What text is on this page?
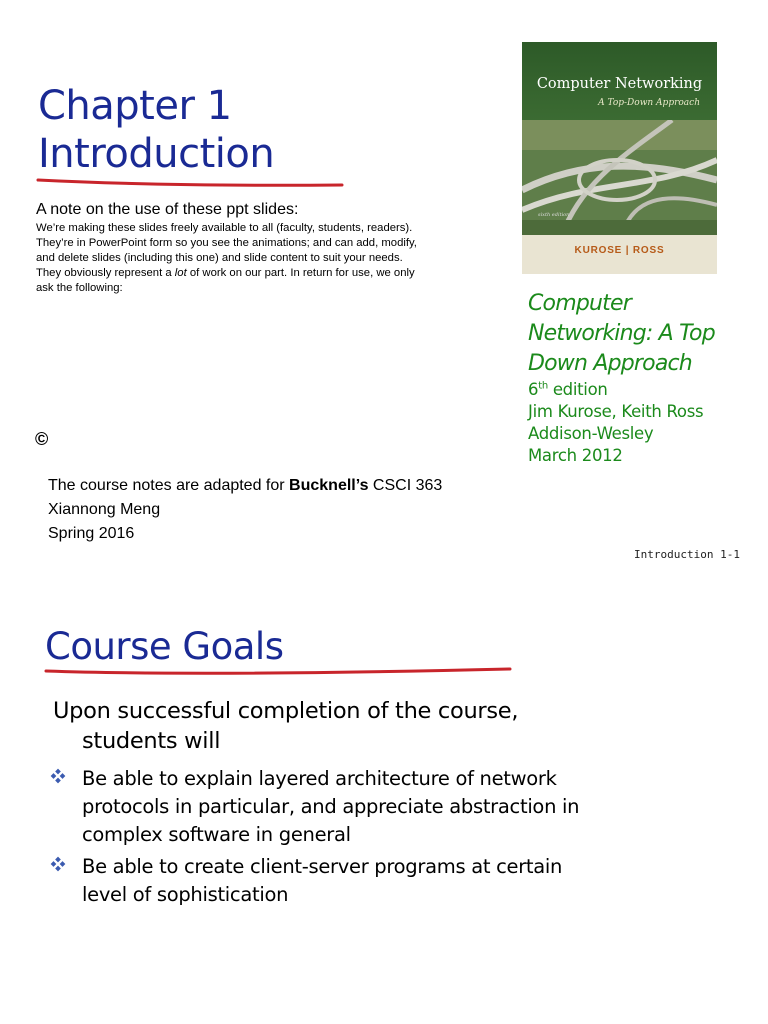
Chapter 1
Introduction
A note on the use of these ppt slides:
We’re making these slides freely available to all (faculty, students, readers).
They’re in PowerPoint form so you see the animations; and can add, modify,
and delete slides (including this one) and slide content to suit your needs.
They obviously represent a lot of work on our part. In return for use, we only
ask the following:
©
The course notes are adapted for Bucknell’s CSCI 363
Xiannong Meng
Spring 2016
Computer Networking
A Top-Down Approach
sixth edition
KUROSE | ROSS
Computer
Networking: A Top
Down Approach
6th edition
Jim Kurose, Keith Ross
Addison-Wesley
March 2012
Introduction 1-1
Course Goals
Upon successful completion of the course,
students will
Be able to explain layered architecture of network
protocols in particular, and appreciate abstraction in
complex software in general
Be able to create client-server programs at certain
level of sophistication
